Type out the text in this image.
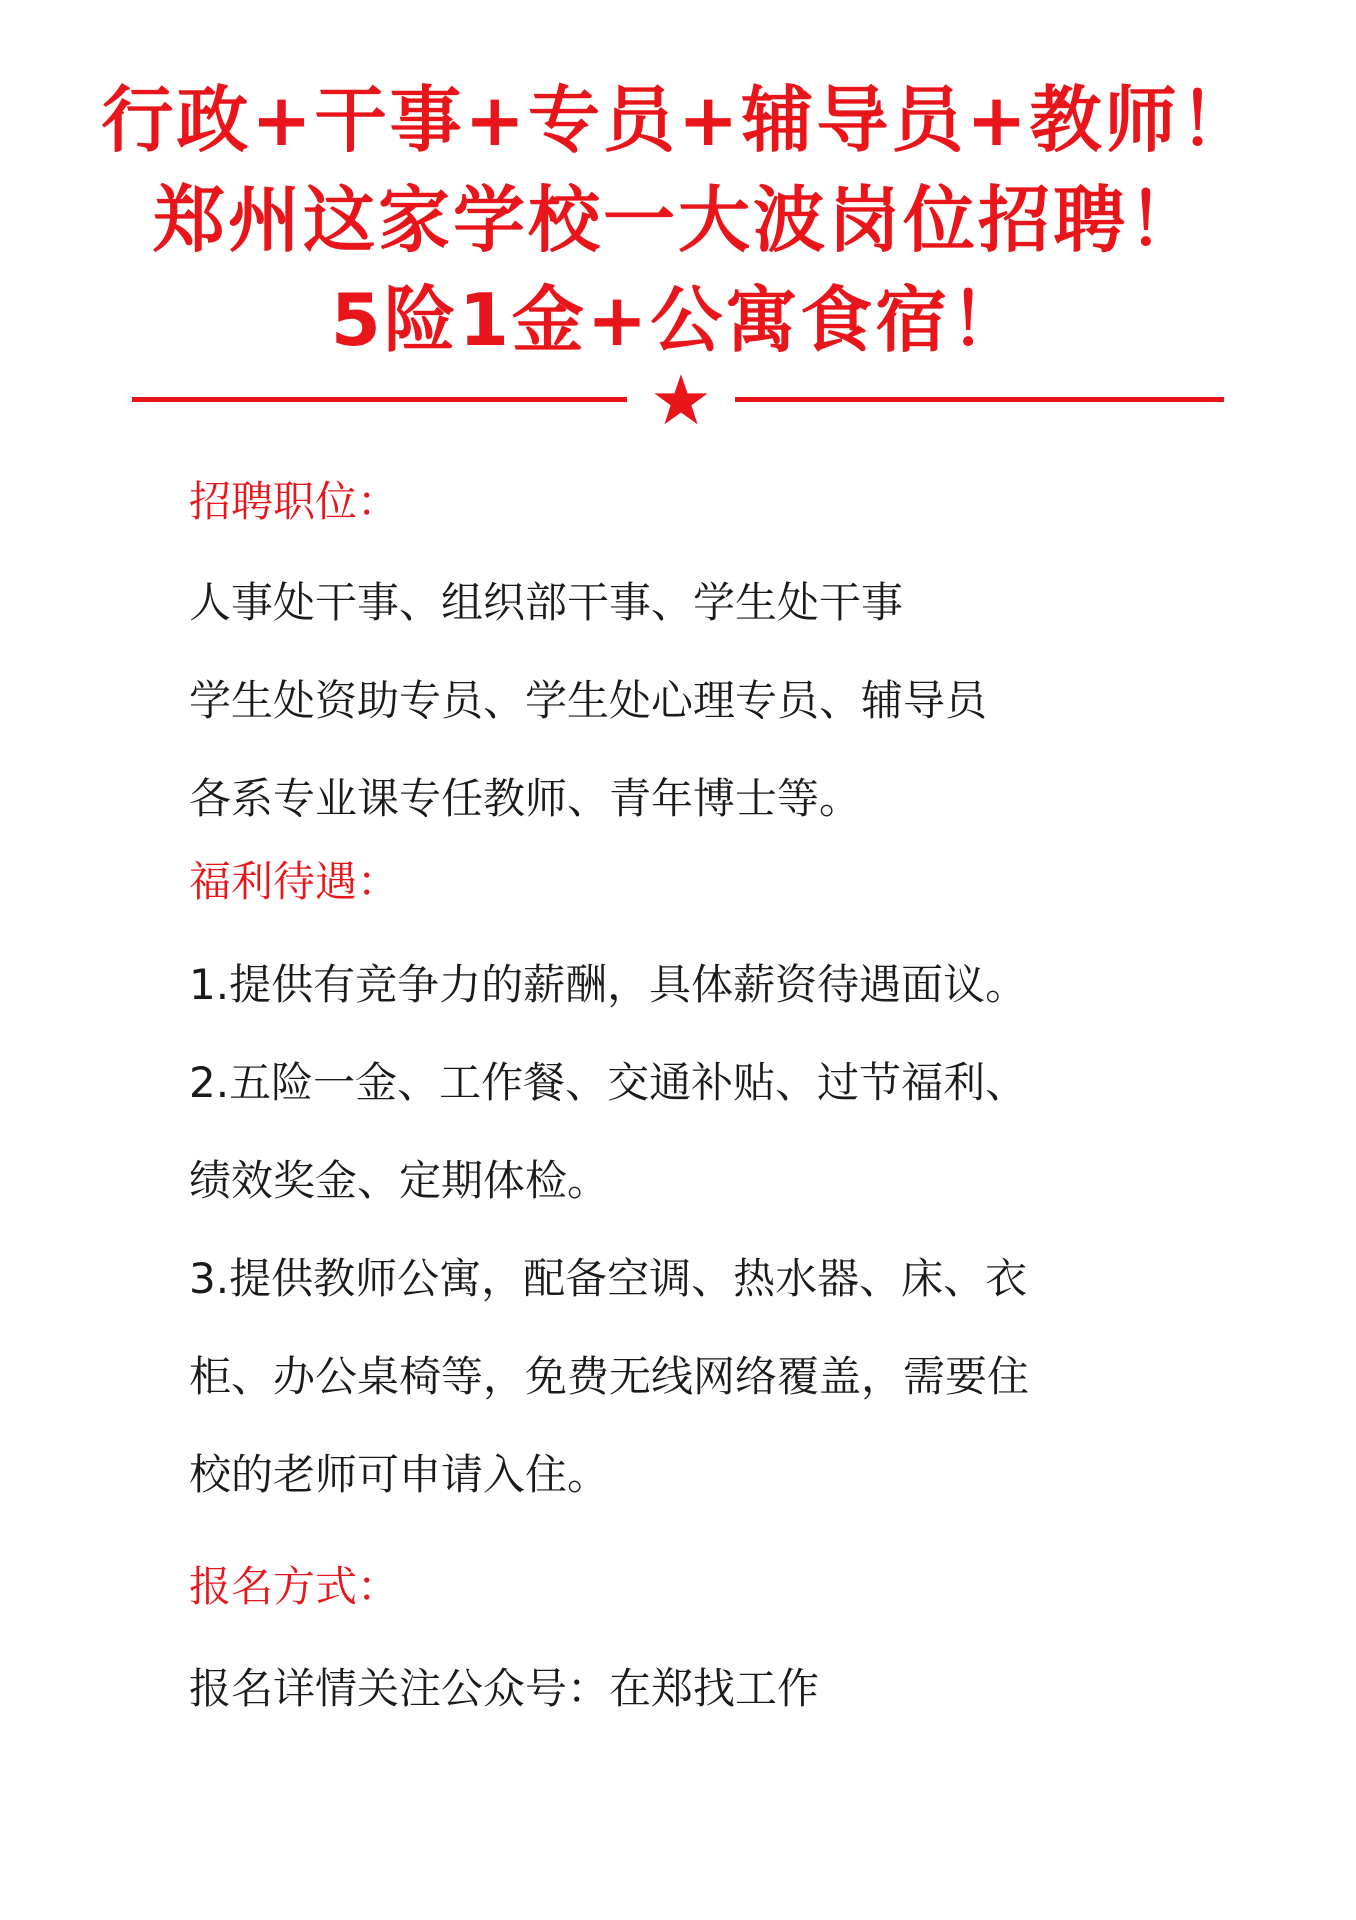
行政+干事+专员+辅导员+教师！
郑州这家学校一大波岗位招聘！
5险1金+公寓食宿！

招聘职位：

人事处干事、组织部干事、学生处干事

学生处资助专员、学生处心理专员、辅导员

各系专业课专任教师、青年博士等。

福利待遇：

1.提供有竞争力的薪酬，具体薪资待遇面议。

2.五险一金、工作餐、交通补贴、过节福利、

绩效奖金、定期体检。

3.提供教师公寓，配备空调、热水器、床、衣

柜、办公桌椅等，免费无线网络覆盖，需要住

校的老师可申请入住。

报名方式：

报名详情关注公众号：在郑找工作
